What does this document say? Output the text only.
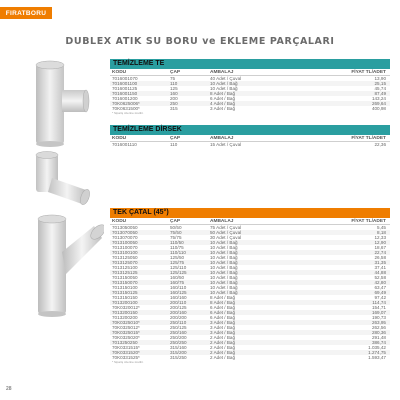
FIRATBORU
DUBLEX ATIK SU BORU ve EKLEME PARÇALARI
TEMİZLEME TE
KODU	ÇAP	AMBALAJ	FİYAT TL/ADET
7016001070	75	40 Adet / Çuval	13,90
7016001100	110	10 Adet / Bağ	25,15
7016001125	125	10 Adet / Bağ	45,74
7016001150	160	8 Adet / Bağ	87,49
7016001200	200	6 Adet / Bağ	143,24
70K0625006*	250	4 Adet / Bağ	269,64
70K0631500*	315	3 Adet / Bağ	400,98
* Sipariş üzerine üretilir.
TEMİZLEME DİRSEK
KODU	ÇAP	AMBALAJ	FİYAT TL/ADET
7016001110	110	15 Adet / Çuval	22,36
TEK ÇATAL (45°)
KODU	ÇAP	AMBALAJ	FİYAT TL/ADET
7013050050	50/50	75 Adet / Çuval	5,45
7013070050	75/50	50 Adet / Çuval	8,18
7013070070	75/75	30 Adet / Çuval	12,33
7013100050	110/50	10 Adet / Bağ	12,90
7013100070	110/75	10 Adet / Bağ	18,67
7013100100	110/110	10 Adet / Bağ	22,74
7013125050	125/50	10 Adet / Bağ	26,58
7013125070	125/75	10 Adet / Bağ	31,35
7013125100	125/110	10 Adet / Bağ	37,41
7013125125	125/125	10 Adet / Bağ	44,88
7013150050	160/50	10 Adet / Bağ	52,58
7013150070	160/75	10 Adet / Bağ	42,80
7013150100	160/110	10 Adet / Bağ	63,47
7013150125	160/125	10 Adet / Bağ	69,49
7013150150	160/160	8 Adet / Bağ	97,42
7013200100	200/110	8 Adet / Bağ	114,74
70K0320012*	200/125	6 Adet / Bağ	154,71
7013200150	200/160	6 Adet / Bağ	169,07
7013200200	200/200	6 Adet / Bağ	190,73
70K0325010*	250/110	3 Adet / Bağ	263,95
70K0325012*	250/125	3 Adet / Bağ	262,56
70K0325015*	250/160	3 Adet / Bağ	280,36
70K0325020*	250/200	2 Adet / Bağ	291,48
7013250250	250/250	2 Adet / Bağ	386,74
70K0331515*	315/160	2 Adet / Bağ	1.035,42
70K0331520*	315/200	2 Adet / Bağ	1.274,75
70K0331525*	315/250	2 Adet / Bağ	1.593,47
* Sipariş üzerine üretilir.
28
